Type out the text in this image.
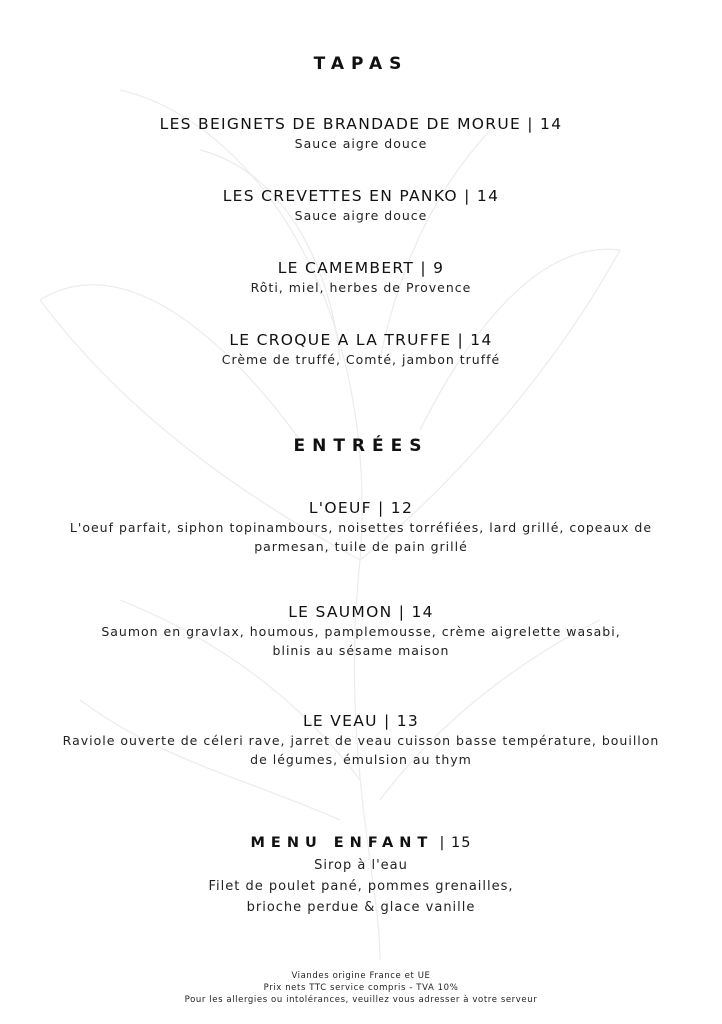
TAPAS
LES BEIGNETS DE BRANDADE DE MORUE | 14
Sauce aigre douce
LES CREVETTES EN PANKO | 14
Sauce aigre douce
LE CAMEMBERT | 9
Rôti, miel, herbes de Provence
LE CROQUE A LA TRUFFE | 14
Crème de truffé, Comté, jambon truffé
ENTRÉES
L'OEUF | 12
L'oeuf parfait, siphon topinambours, noisettes torréfiées, lard grillé, copeaux de
parmesan, tuile de pain grillé
LE SAUMON | 14
Saumon en gravlax, houmous, pamplemousse, crème aigrelette wasabi,
blinis au sésame maison
LE VEAU | 13
Raviole ouverte de céleri rave, jarret de veau cuisson basse température, bouillon
de légumes, émulsion au thym
MENU ENFANT | 15
Sirop à l'eau
Filet de poulet pané, pommes grenailles,
brioche perdue & glace vanille
Viandes origine France et UE
Prix nets TTC service compris - TVA 10%
Pour les allergies ou intolérances, veuillez vous adresser à votre serveur
